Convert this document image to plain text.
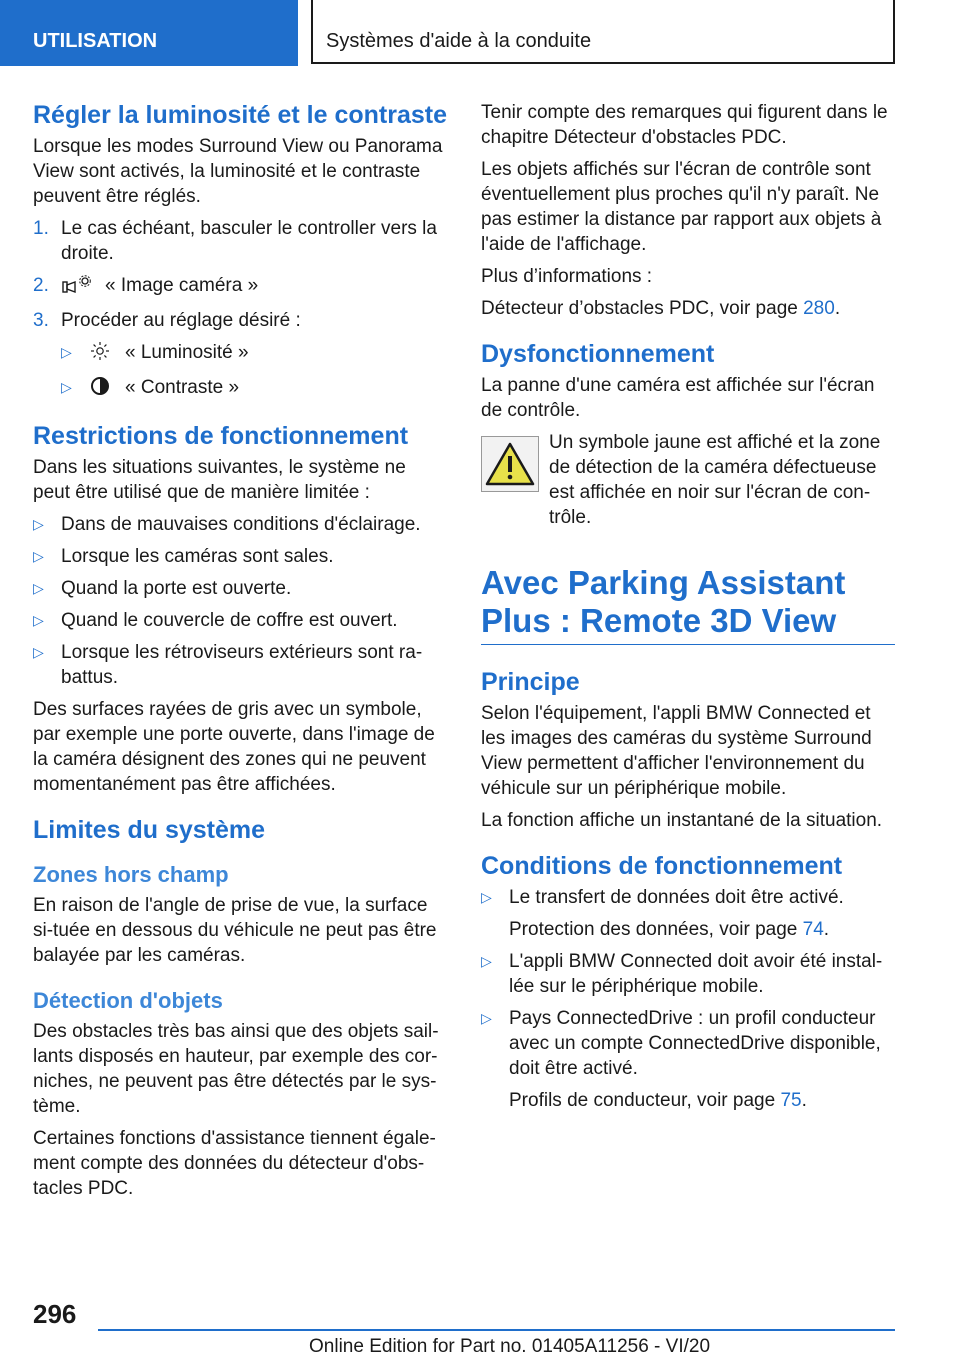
UTILISATION	Systèmes d'aide à la conduite
Régler la luminosité et le contraste

Lorsque les modes Surround View ou Panorama View sont activés, la luminosité et le contraste peuvent être réglés.

1. Le cas échéant, basculer le controller vers la droite.
2.	« Image caméra »
3. Procéder au réglage désiré :
▷	« Luminosité »
▷	« Contraste »
Restrictions de fonctionnement

Dans les situations suivantes, le système ne peut être utilisé que de manière limitée :

▷ Dans de mauvaises conditions d'éclairage.
▷ Lorsque les caméras sont sales.
▷ Quand la porte est ouverte.
▷ Quand le couvercle de coffre est ouvert.
▷ Lorsque les rétroviseurs extérieurs sont ra-battus.

Des surfaces rayées de gris avec un symbole, par exemple une porte ouverte, dans l'image de la caméra désignent des zones qui ne peuvent momentanément pas être affichées.

Limites du système
Zones hors champ

En raison de l'angle de prise de vue, la surface si-tuée en dessous du véhicule ne peut pas être balayée par les caméras.

Détection d'objets

Des obstacles très bas ainsi que des objets sail-lants disposés en hauteur, par exemple des cor-niches, ne peuvent pas être détectés par le sys-tème.

Certaines fonctions d'assistance tiennent égale-ment compte des données du détecteur d'obs-tacles PDC.

Tenir compte des remarques qui figurent dans le chapitre Détecteur d'obstacles PDC.

Les objets affichés sur l'écran de contrôle sont éventuellement plus proches qu'il n'y paraît. Ne pas estimer la distance par rapport aux objets à l'aide de l'affichage.

Plus d’informations :

Détecteur d’obstacles PDC, voir page 280.

Dysfonctionnement

La panne d'une caméra est affichée sur l'écran de contrôle.

Un symbole jaune est affiché et la zone de détection de la caméra défectueuse est affichée en noir sur l'écran de con-trôle.
Avec Parking Assistant Plus : Remote 3D View
Principe

Selon l'équipement, l'appli BMW Connected et les images des caméras du système Surround View permettent d'afficher l'environnement du véhicule sur un périphérique mobile.

La fonction affiche un instantané de la situation.

Conditions de fonctionnement
▷ Le transfert de données doit être activé.
Protection des données, voir page 74.
▷ L'appli BMW Connected doit avoir été instal-lée sur le périphérique mobile.
▷ Pays ConnectedDrive : un profil conducteur avec un compte ConnectedDrive disponible, doit être activé.
Profils de conducteur, voir page 75.
296
Online Edition for Part no. 01405A11256 - VI/20
